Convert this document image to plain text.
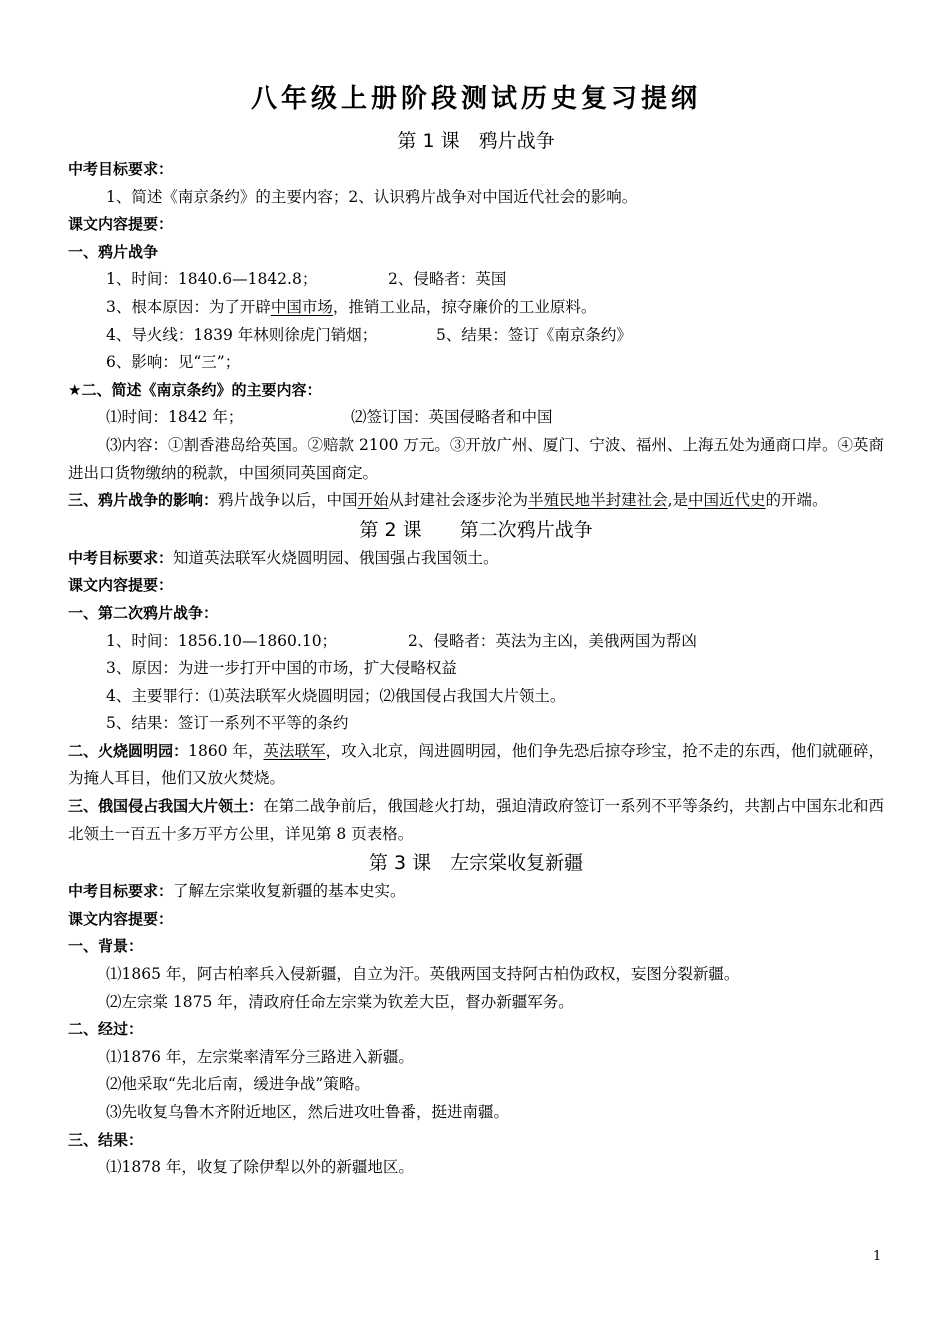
八年级上册阶段测试历史复习提纲
第 1 课　鸦片战争
中考目标要求：
1、简述《南京条约》的主要内容；2、认识鸦片战争对中国近代社会的影响。
课文内容提要：
一、鸦片战争
1、时间：1840.6—1842.8；	2、侵略者：英国
3、根本原因：为了开辟中国市场，推销工业品，掠夺廉价的工业原料。
4、导火线：1839 年林则徐虎门销烟；	5、结果：签订《南京条约》
6、影响：见“三”；
★二、简述《南京条约》的主要内容：
⑴时间：1842 年；	⑵签订国：英国侵略者和中国
⑶内容：①割香港岛给英国。②赔款 2100 万元。③开放广州、厦门、宁波、福州、上海五处为通商口岸。④英商进出口货物缴纳的税款，中国须同英国商定。
三、鸦片战争的影响：鸦片战争以后，中国开始从封建社会逐步沦为半殖民地半封建社会,是中国近代史的开端。
第 2 课　　第二次鸦片战争
中考目标要求：知道英法联军火烧圆明园、俄国强占我国领土。
课文内容提要：
一、第二次鸦片战争：
1、时间：1856.10—1860.10；	2、侵略者：英法为主凶，美俄两国为帮凶
3、原因：为进一步打开中国的市场，扩大侵略权益
4、主要罪行：⑴英法联军火烧圆明园；⑵俄国侵占我国大片领土。
5、结果：签订一系列不平等的条约
二、火烧圆明园：1860 年，英法联军，攻入北京，闯进圆明园，他们争先恐后掠夺珍宝，抢不走的东西，他们就砸碎，为掩人耳目，他们又放火焚烧。
三、俄国侵占我国大片领土：在第二战争前后，俄国趁火打劫，强迫清政府签订一系列不平等条约，共割占中国东北和西北领土一百五十多万平方公里，详见第 8 页表格。
第 3 课　左宗棠收复新疆
中考目标要求：了解左宗棠收复新疆的基本史实。
课文内容提要：
一、背景：
⑴1865 年，阿古柏率兵入侵新疆，自立为汗。英俄两国支持阿古柏伪政权，妄图分裂新疆。
⑵左宗棠 1875 年，清政府任命左宗棠为钦差大臣，督办新疆军务。
二、经过：
⑴1876 年，左宗棠率清军分三路进入新疆。
⑵他采取“先北后南，缓进争战”策略。
⑶先收复乌鲁木齐附近地区，然后进攻吐鲁番，挺进南疆。
三、结果：
⑴1878 年，收复了除伊犁以外的新疆地区。
1
